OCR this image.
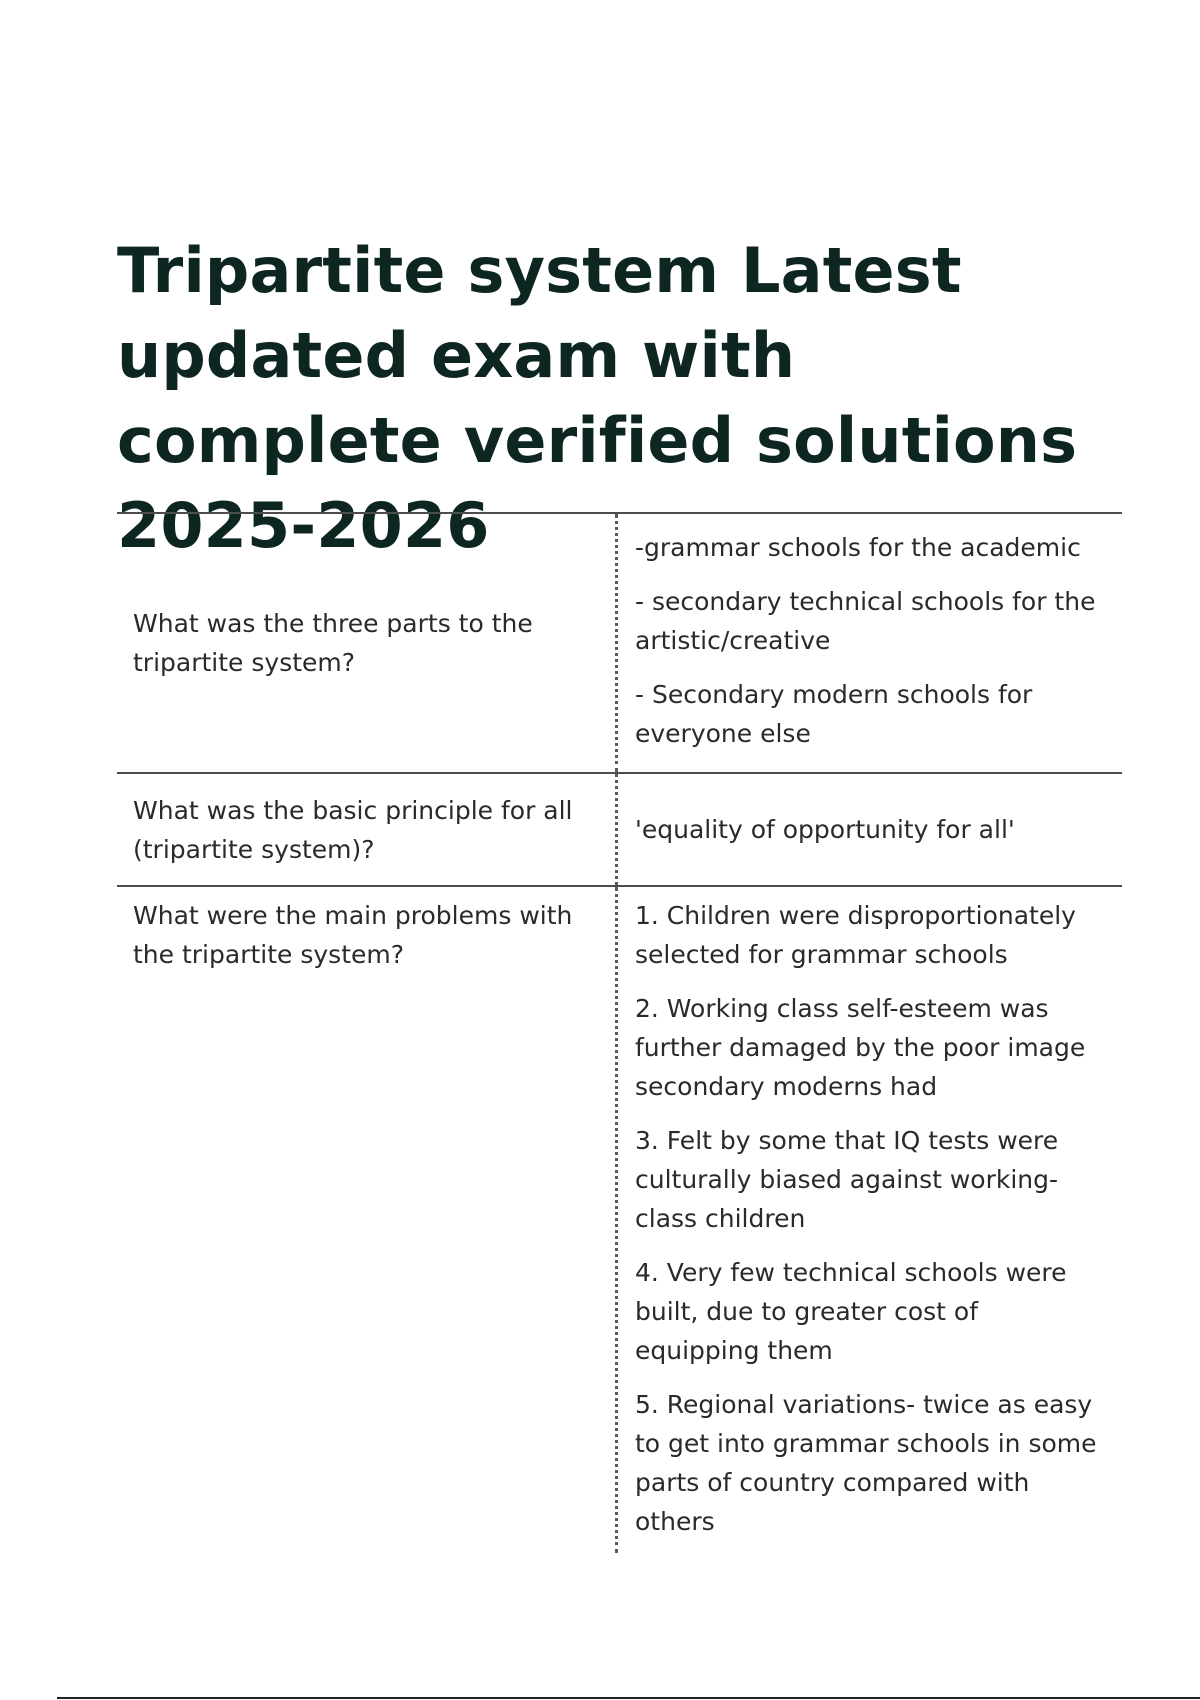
Tripartite system Latest updated exam with complete verified solutions 2025-2026
What was the three parts to the tripartite system?
-grammar schools for the academic
- secondary technical schools for the artistic/creative
- Secondary modern schools for everyone else
What was the basic principle for all (tripartite system)?
'equality of opportunity for all'
What were the main problems with the tripartite system?
1. Children were disproportionately selected for grammar schools
2. Working class self-esteem was further damaged by the poor image secondary moderns had
3. Felt by some that IQ tests were culturally biased against working-class children
4. Very few technical schools were built, due to greater cost of equipping them
5. Regional variations- twice as easy to get into grammar schools in some parts of country compared with others
